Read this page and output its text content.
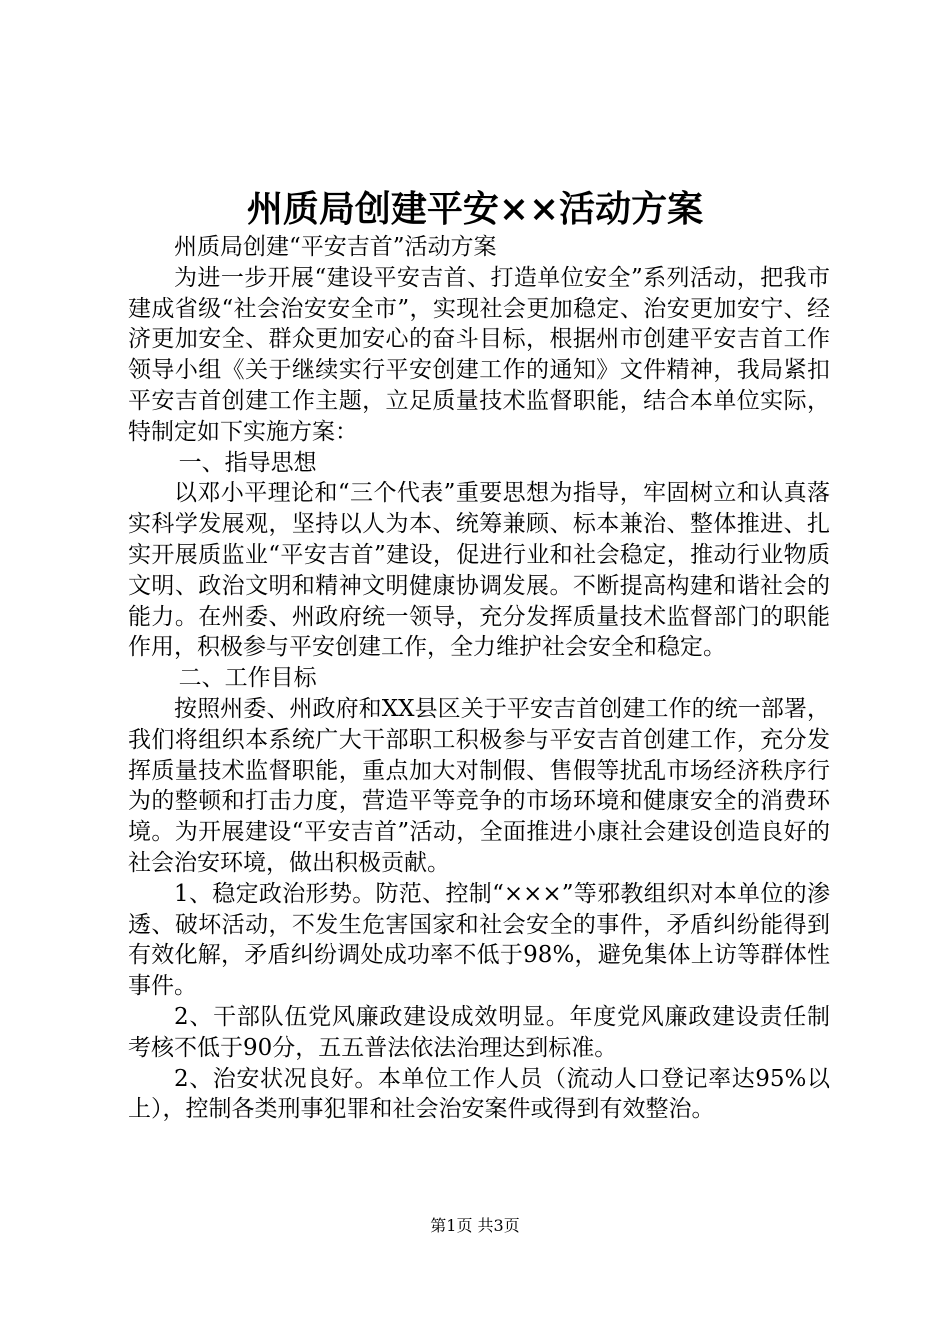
州质局创建平安××活动方案

州质局创建“平安吉首”活动方案

为进一步开展“建设平安吉首、打造单位安全”系列活动，把我市建成省级“社会治安安全市”，实现社会更加稳定、治安更加安宁、经济更加安全、群众更加安心的奋斗目标，根据州市创建平安吉首工作领导小组《关于继续实行平安创建工作的通知》文件精神，我局紧扣平安吉首创建工作主题，立足质量技术监督职能，结合本单位实际，特制定如下实施方案：

一、指导思想

以邓小平理论和“三个代表”重要思想为指导，牢固树立和认真落实科学发展观，坚持以人为本、统筹兼顾、标本兼治、整体推进、扎实开展质监业“平安吉首”建设，促进行业和社会稳定，推动行业物质文明、政治文明和精神文明健康协调发展。不断提高构建和谐社会的能力。在州委、州政府统一领导，充分发挥质量技术监督部门的职能作用，积极参与平安创建工作，全力维护社会安全和稳定。

二、工作目标

按照州委、州政府和XX县区关于平安吉首创建工作的统一部署，我们将组织本系统广大干部职工积极参与平安吉首创建工作，充分发挥质量技术监督职能，重点加大对制假、售假等扰乱市场经济秩序行为的整顿和打击力度，营造平等竞争的市场环境和健康安全的消费环境。为开展建设“平安吉首”活动，全面推进小康社会建设创造良好的社会治安环境，做出积极贡献。

1、稳定政治形势。防范、控制“×××”等邪教组织对本单位的渗透、破坏活动，不发生危害国家和社会安全的事件，矛盾纠纷能得到有效化解，矛盾纠纷调处成功率不低于98%，避免集体上访等群体性事件。

2、干部队伍党风廉政建设成效明显。年度党风廉政建设责任制考核不低于90分，五五普法依法治理达到标准。

2、治安状况良好。本单位工作人员（流动人口登记率达95%以上），控制各类刑事犯罪和社会治安案件或得到有效整治。

第1页 共3页
